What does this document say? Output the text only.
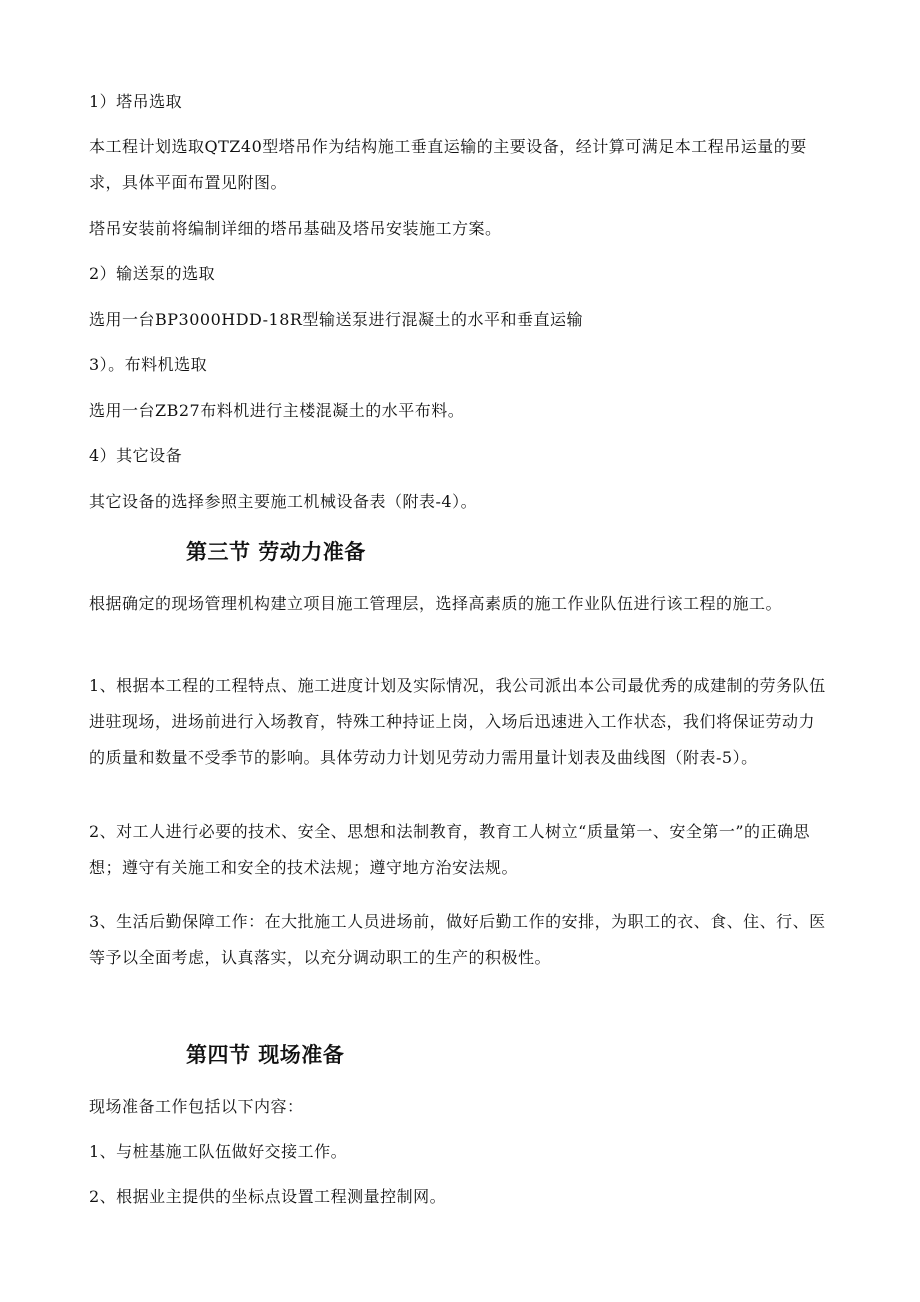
1）塔吊选取

本工程计划选取QTZ40型塔吊作为结构施工垂直运输的主要设备，经计算可满足本工程吊运量的要求，具体平面布置见附图。

塔吊安装前将编制详细的塔吊基础及塔吊安装施工方案。

2）输送泵的选取

选用一台BP3000HDD-18R型输送泵进行混凝土的水平和垂直运输

3）。布料机选取

选用一台ZB27布料机进行主楼混凝土的水平布料。

4）其它设备

其它设备的选择参照主要施工机械设备表（附表-4）。

第三节 劳动力准备

根据确定的现场管理机构建立项目施工管理层，选择高素质的施工作业队伍进行该工程的施工。

1、根据本工程的工程特点、施工进度计划及实际情况，我公司派出本公司最优秀的成建制的劳务队伍进驻现场，进场前进行入场教育，特殊工种持证上岗，入场后迅速进入工作状态，我们将保证劳动力的质量和数量不受季节的影响。具体劳动力计划见劳动力需用量计划表及曲线图（附表-5）。

2、对工人进行必要的技术、安全、思想和法制教育，教育工人树立“质量第一、安全第一”的正确思想；遵守有关施工和安全的技术法规；遵守地方治安法规。

3、生活后勤保障工作：在大批施工人员进场前，做好后勤工作的安排，为职工的衣、食、住、行、医等予以全面考虑，认真落实，以充分调动职工的生产的积极性。

第四节 现场准备

现场准备工作包括以下内容：

1、与桩基施工队伍做好交接工作。

2、根据业主提供的坐标点设置工程测量控制网。
